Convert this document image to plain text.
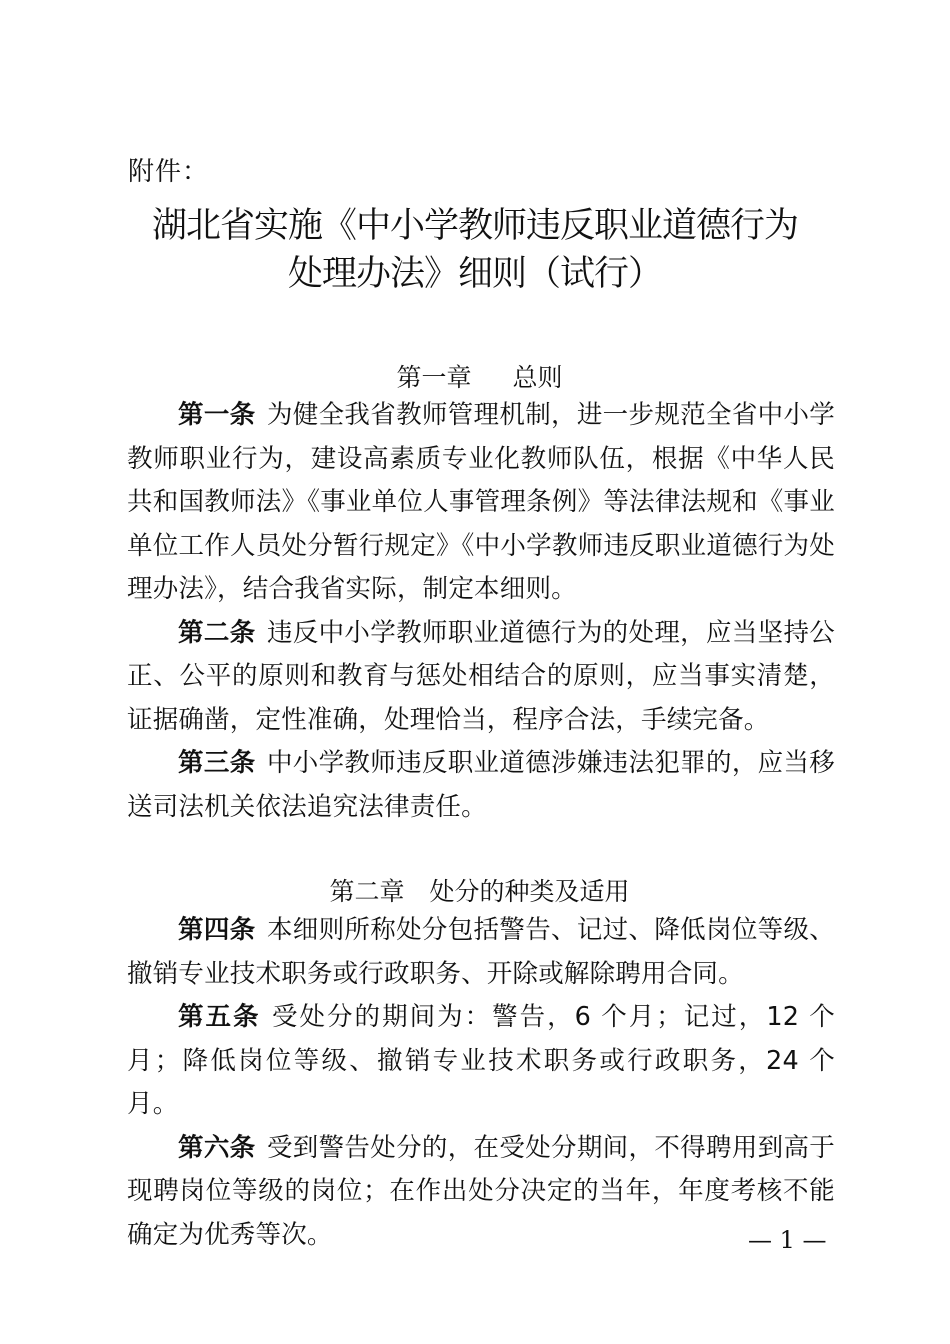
附件：
湖北省实施《中小学教师违反职业道德行为
处理办法》细则（试行）
第一章　  总则

第一条 为健全我省教师管理机制，进一步规范全省中小学教师职业行为，建设高素质专业化教师队伍，根据《中华人民共和国教师法》《事业单位人事管理条例》等法律法规和《事业单位工作人员处分暂行规定》《中小学教师违反职业道德行为处理办法》，结合我省实际，制定本细则。

第二条 违反中小学教师职业道德行为的处理，应当坚持公正、公平的原则和教育与惩处相结合的原则，应当事实清楚，证据确凿，定性准确，处理恰当，程序合法，手续完备。

第三条 中小学教师违反职业道德涉嫌违法犯罪的，应当移送司法机关依法追究法律责任。

第二章　处分的种类及适用

第四条 本细则所称处分包括警告、记过、降低岗位等级、撤销专业技术职务或行政职务、开除或解除聘用合同。

第五条 受处分的期间为：警告，6 个月；记过，12 个月；降低岗位等级、撤销专业技术职务或行政职务，24 个月。

第六条 受到警告处分的，在受处分期间，不得聘用到高于现聘岗位等级的岗位；在作出处分决定的当年，年度考核不能确定为优秀等次。	— 1 —
